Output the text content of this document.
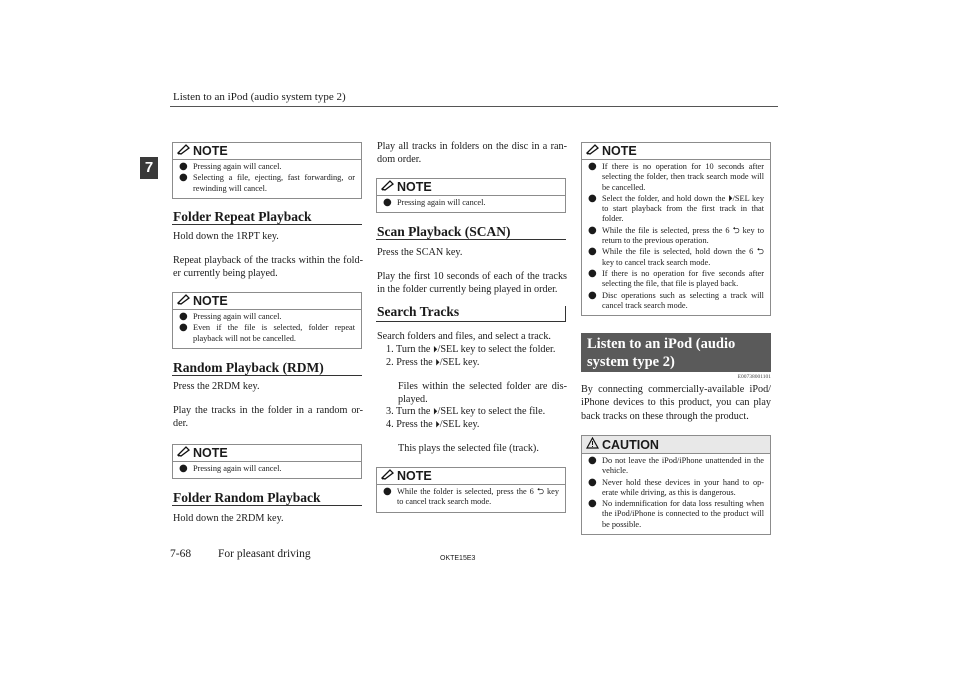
Listen to an iPod (audio system type 2)
7
NOTE
● Pressing again will cancel.
● Selecting a file, ejecting, fast forwarding, or rewinding will cancel.
Folder Repeat Playback

Hold down the 1RPT key.

Repeat playback of the tracks within the fold-er currently being played.

NOTE
● Pressing again will cancel.
● Even if the file is selected, folder repeat playback will not be cancelled.
Random Playback (RDM)

Press the 2RDM key.

Play the tracks in the folder in a random or-der.

NOTE
● Pressing again will cancel.
Folder Random Playback

Hold down the 2RDM key.

Play all tracks in folders on the disc in a ran-dom order.

NOTE
● Pressing again will cancel.
Scan Playback (SCAN)

Press the SCAN key.

Play the first 10 seconds of each of the tracks in the folder currently being played in order.

Search Tracks

Search folders and files, and select a track.

1. Turn the ⏵/SEL key to select the folder.
2. Press the ⏵/SEL key.

Files within the selected folder are dis-played.

3. Turn the ⏵/SEL key to select the file.
4. Press the ⏵/SEL key.

This plays the selected file (track).

NOTE
● While the folder is selected, press the 6 ⮌ key to cancel track search mode.
NOTE
● If there is no operation for 10 seconds after selecting the folder, then track search mode will be cancelled.
● Select the folder, and hold down the ⏵/SEL key to start playback from the first track in that folder.
● While the file is selected, press the 6 ⮌ key to return to the previous operation.
● While the file is selected, hold down the 6 ⮌ key to cancel track search mode.
● If there is no operation for five seconds after selecting the file, that file is played back.
● Disc operations such as selecting a track will cancel track search mode.
Listen to an iPod (audio
system type 2)
E00738001101

By connecting commercially-available iPod/ iPhone devices to this product, you can play back tracks on these through the product.

CAUTION
● Do not leave the iPod/iPhone unattended in the vehicle.
● Never hold these devices in your hand to op-erate while driving, as this is dangerous.
● No indemnification for data loss resulting when the iPod/iPhone is connected to the product will be possible.
7-68 For pleasant driving	OKTE15E3
